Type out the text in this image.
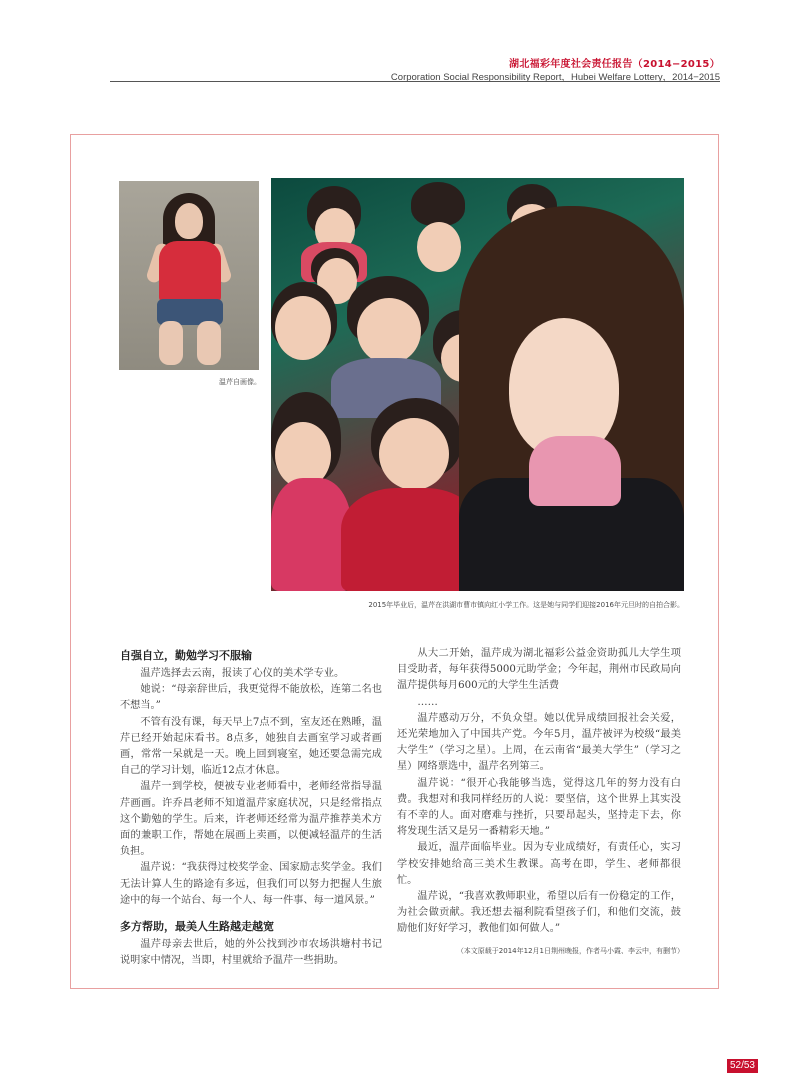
湖北福彩年度社会责任报告（2014−2015）
Corporation Social Responsibility Report，Hubei Welfare Lottery，2014−2015
温芹自画像。
2015年毕业后，温芹在洪湖市曹市镇向红小学工作。这是她与同学们迎接2016年元旦时的自拍合影。
自强自立，勤勉学习不服输

温芹选择去云南，报读了心仪的美术学专业。

她说：“母亲辞世后，我更觉得不能放松，连第二名也不想当。”

不管有没有课，每天早上7点不到，室友还在熟睡，温芹已经开始起床看书。8点多，她独自去画室学习或者画画，常常一呆就是一天。晚上回到寝室，她还要急需完成自己的学习计划，临近12点才休息。

温芹一到学校，便被专业老师看中，老师经常指导温芹画画。许乔昌老师不知道温芹家庭状况，只是经常指点这个勤勉的学生。后来，许老师还经常为温芹推荐美术方面的兼职工作，帮她在展画上卖画，以便减轻温芹的生活负担。

温芹说：“我获得过校奖学金、国家励志奖学金。我们无法计算人生的路途有多远，但我们可以努力把握人生旅途中的每一个站台、每一个人、每一件事、每一道风景。”

多方帮助，最美人生路越走越宽

温芹母亲去世后，她的外公找到沙市农场洪塘村书记说明家中情况，当即，村里就给予温芹一些捐助。

从大二开始，温芹成为湖北福彩公益金资助孤儿大学生项目受助者，每年获得5000元助学金；今年起，荆州市民政局向温芹提供每月600元的大学生生活费

……

温芹感动万分，不负众望。她以优异成绩回报社会关爱，还光荣地加入了中国共产党。今年5月，温芹被评为校级“最美大学生”（学习之星）。上周，在云南省“最美大学生”（学习之星）网络票选中，温芹名列第三。

温芹说：“很开心我能够当选，觉得这几年的努力没有白费。我想对和我同样经历的人说：要坚信，这个世界上其实没有不幸的人。面对磨难与挫折，只要昂起头，坚持走下去，你将发现生活又是另一番精彩天地。”

最近，温芹面临毕业。因为专业成绩好，有责任心，实习学校安排她给高三美术生教课。高考在即，学生、老师都很忙。

温芹说，“我喜欢教师职业，希望以后有一份稳定的工作，为社会做贡献。我还想去福利院看望孩子们，和他们交流，鼓励他们好好学习，教他们如何做人。”

（本文原载于2014年12月1日荆州晚报，作者马小霞、李云中，有删节）
52/53
